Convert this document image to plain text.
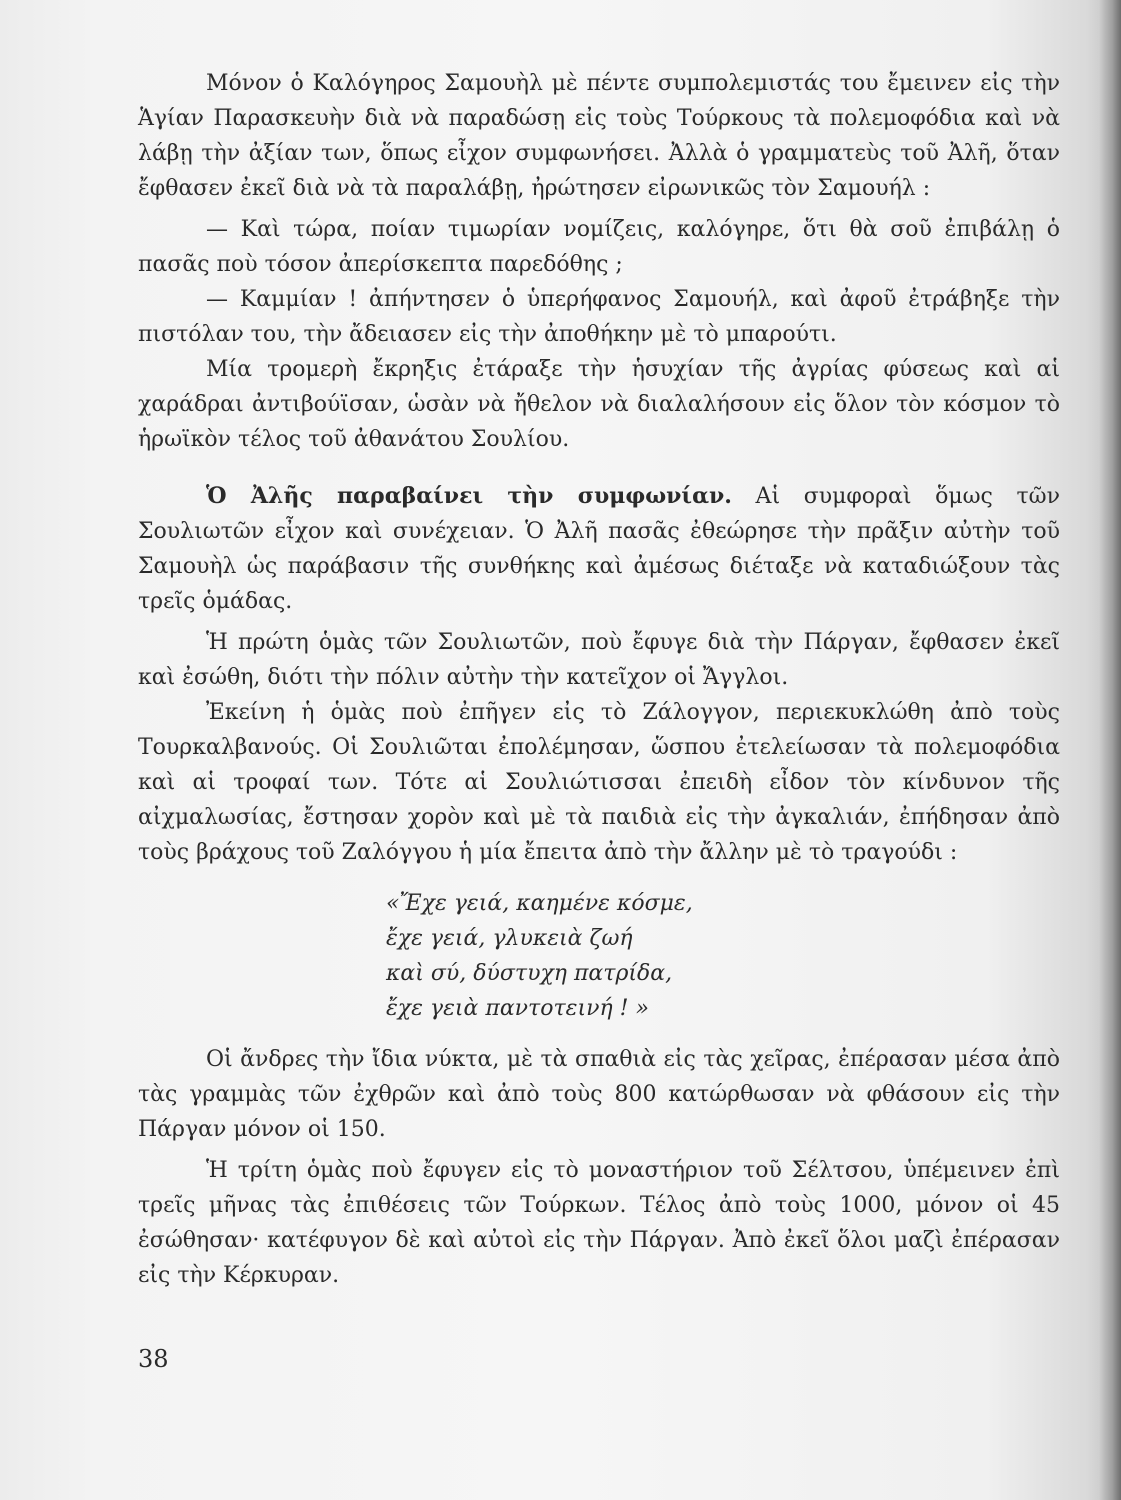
Μόνον ὁ Καλόγηρος Σαμουὴλ μὲ πέντε συμπολεμιστάς του ἔμεινεν εἰς τὴν Ἁγίαν Παρασκευὴν διὰ νὰ παραδώσῃ εἰς τοὺς Τούρκους τὰ πολεμοφόδια καὶ νὰ λάβῃ τὴν ἀξίαν των, ὅπως εἶχον συμφωνήσει. Ἀλλὰ ὁ γραμματεὺς τοῦ Ἀλῆ, ὅταν ἔφθασεν ἐκεῖ διὰ νὰ τὰ παραλάβῃ, ἠρώτησεν εἰρωνικῶς τὸν Σαμουήλ :

— Καὶ τώρα, ποίαν τιμωρίαν νομίζεις, καλόγηρε, ὅτι θὰ σοῦ ἐπιβάλῃ ὁ πασᾶς ποὺ τόσον ἀπερίσκεπτα παρεδόθης ;

— Καμμίαν ! ἀπήντησεν ὁ ὑπερήφανος Σαμουήλ, καὶ ἀφοῦ ἐτράβηξε τὴν πιστόλαν του, τὴν ἄδειασεν εἰς τὴν ἀποθήκην μὲ τὸ μπαρούτι.

Μία τρομερὴ ἔκρηξις ἐτάραξε τὴν ἡσυχίαν τῆς ἀγρίας φύσεως καὶ αἱ χαράδραι ἀντιβούϊσαν, ὡσὰν νὰ ἤθελον νὰ διαλαλήσουν εἰς ὅλον τὸν κόσμον τὸ ἡρωϊκὸν τέλος τοῦ ἀθανάτου Σουλίου.

Ὁ Ἀλῆς παραβαίνει τὴν συμφωνίαν. Αἱ συμφοραὶ ὅμως τῶν Σουλιωτῶν εἶχον καὶ συνέχειαν. Ὁ Ἀλῆ πασᾶς ἐθεώρησε τὴν πρᾶξιν αὐτὴν τοῦ Σαμουὴλ ὡς παράβασιν τῆς συνθήκης καὶ ἀμέσως διέταξε νὰ καταδιώξουν τὰς τρεῖς ὁμάδας.

Ἡ πρώτη ὁμὰς τῶν Σουλιωτῶν, ποὺ ἔφυγε διὰ τὴν Πάργαν, ἔφθασεν ἐκεῖ καὶ ἐσώθη, διότι τὴν πόλιν αὐτὴν τὴν κατεῖχον οἱ Ἄγγλοι.

Ἐκείνη ἡ ὁμὰς ποὺ ἐπῆγεν εἰς τὸ Ζάλογγον, περιεκυκλώθη ἀπὸ τοὺς Τουρκαλβανούς. Οἱ Σουλιῶται ἐπολέμησαν, ὥσπου ἐτελείωσαν τὰ πολεμοφόδια καὶ αἱ τροφαί των. Τότε αἱ Σουλιώτισσαι ἐπειδὴ εἶδον τὸν κίνδυνον τῆς αἰχμαλωσίας, ἔστησαν χορὸν καὶ μὲ τὰ παιδιὰ εἰς τὴν ἀγκαλιάν, ἐπήδησαν ἀπὸ τοὺς βράχους τοῦ Ζαλόγγου ἡ μία ἔπειτα ἀπὸ τὴν ἄλλην μὲ τὸ τραγούδι :

«Ἔχε γειά, καημένε κόσμε,
ἔχε γειά, γλυκειὰ ζωή
καὶ σύ, δύστυχη πατρίδα,
ἔχε γειὰ παντοτεινή ! »

Οἱ ἄνδρες τὴν ἴδια νύκτα, μὲ τὰ σπαθιὰ εἰς τὰς χεῖρας, ἐπέρασαν μέσα ἀπὸ τὰς γραμμὰς τῶν ἐχθρῶν καὶ ἀπὸ τοὺς 800 κατώρθωσαν νὰ φθάσουν εἰς τὴν Πάργαν μόνον οἱ 150.

Ἡ τρίτη ὁμὰς ποὺ ἔφυγεν εἰς τὸ μοναστήριον τοῦ Σέλτσου, ὑπέμεινεν ἐπὶ τρεῖς μῆνας τὰς ἐπιθέσεις τῶν Τούρκων. Τέλος ἀπὸ τοὺς 1000, μόνον οἱ 45 ἐσώθησαν· κατέφυγον δὲ καὶ αὐτοὶ εἰς τὴν Πάργαν. Ἀπὸ ἐκεῖ ὅλοι μαζὶ ἐπέρασαν εἰς τὴν Κέρκυραν.

38
